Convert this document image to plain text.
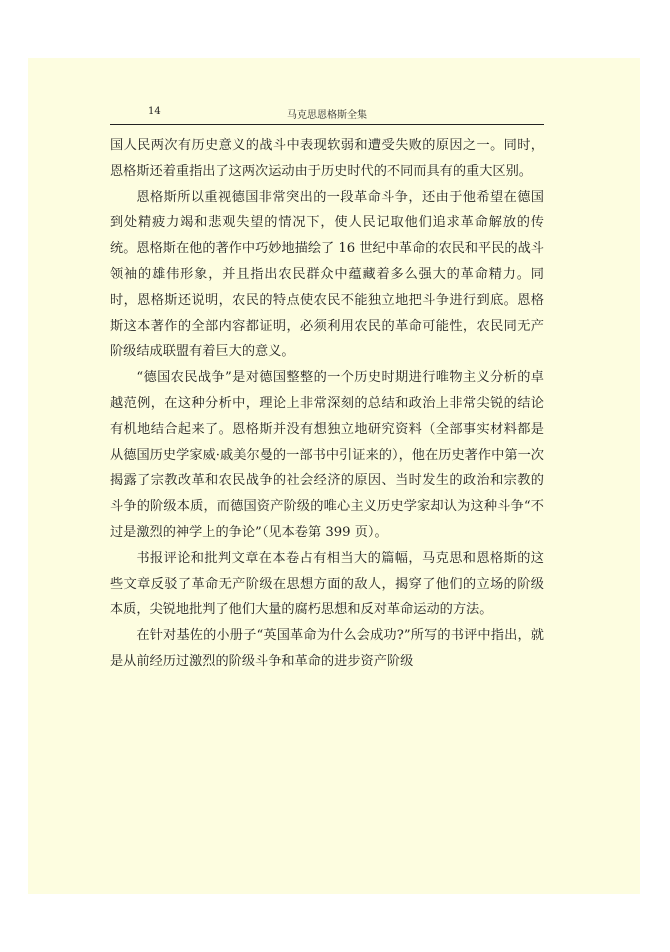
14	马克思恩格斯全集

国人民两次有历史意义的战斗中表现软弱和遭受失败的原因之一。同时，恩格斯还着重指出了这两次运动由于历史时代的不同而具有的重大区别。

恩格斯所以重视德国非常突出的一段革命斗争，还由于他希望在德国到处精疲力竭和悲观失望的情况下，使人民记取他们追求革命解放的传统。恩格斯在他的著作中巧妙地描绘了 16 世纪中革命的农民和平民的战斗领袖的雄伟形象，并且指出农民群众中蕴藏着多么强大的革命精力。同时，恩格斯还说明，农民的特点使农民不能独立地把斗争进行到底。恩格斯这本著作的全部内容都证明，必须利用农民的革命可能性，农民同无产阶级结成联盟有着巨大的意义。

“德国农民战争”是对德国整整的一个历史时期进行唯物主义分析的卓越范例，在这种分析中，理论上非常深刻的总结和政治上非常尖锐的结论有机地结合起来了。恩格斯并没有想独立地研究资料（全部事实材料都是从德国历史学家威·戚美尔曼的一部书中引证来的），他在历史著作中第一次揭露了宗教改革和农民战争的社会经济的原因、当时发生的政治和宗教的斗争的阶级本质，而德国资产阶级的唯心主义历史学家却认为这种斗争“不过是激烈的神学上的争论”（见本卷第 399 页）。

书报评论和批判文章在本卷占有相当大的篇幅，马克思和恩格斯的这些文章反驳了革命无产阶级在思想方面的敌人，揭穿了他们的立场的阶级本质，尖锐地批判了他们大量的腐朽思想和反对革命运动的方法。

在针对基佐的小册子“英国革命为什么会成功?”所写的书评中指出，就是从前经历过激烈的阶级斗争和革命的进步资产阶级
